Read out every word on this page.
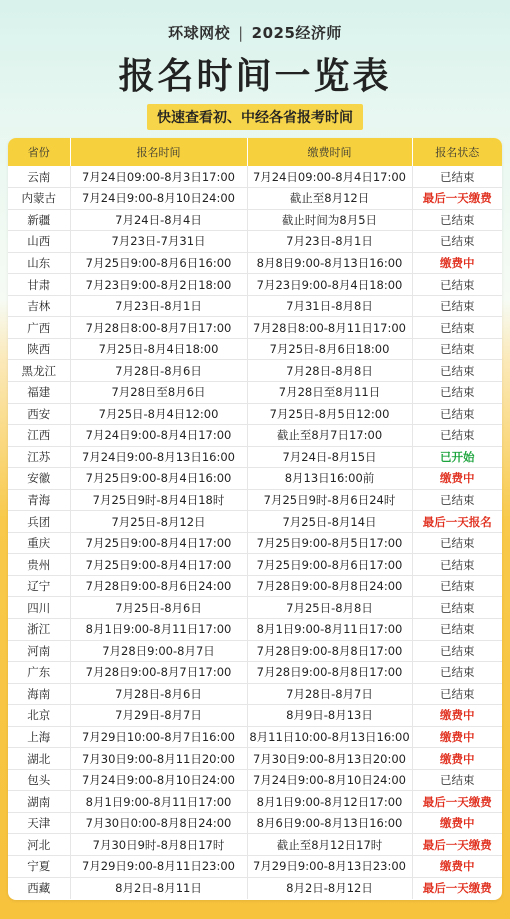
环球网校 | 2025经济师
报名时间一览表
快速查看初、中经各省报考时间
省份	报名时间	缴费时间	报名状态
云南	7月24日09:00-8月3日17:00	7月24日09:00-8月4日17:00	已结束
内蒙古	7月24日9:00-8月10日24:00	截止至8月12日	最后一天缴费
新疆	7月24日-8月4日	截止时间为8月5日	已结束
山西	7月23日-7月31日	7月23日-8月1日	已结束
山东	7月25日9:00-8月6日16:00	8月8日9:00-8月13日16:00	缴费中
甘肃	7月23日9:00-8月2日18:00	7月23日9:00-8月4日18:00	已结束
吉林	7月23日-8月1日	7月31日-8月8日	已结束
广西	7月28日8:00-8月7日17:00	7月28日8:00-8月11日17:00	已结束
陕西	7月25日-8月4日18:00	7月25日-8月6日18:00	已结束
黑龙江	7月28日-8月6日	7月28日-8月8日	已结束
福建	7月28日至8月6日	7月28日至8月11日	已结束
西安	7月25日-8月4日12:00	7月25日-8月5日12:00	已结束
江西	7月24日9:00-8月4日17:00	截止至8月7日17:00	已结束
江苏	7月24日9:00-8月13日16:00	7月24日-8月15日	已开始
安徽	7月25日9:00-8月4日16:00	8月13日16:00前	缴费中
青海	7月25日9时-8月4日18时	7月25日9时-8月6日24时	已结束
兵团	7月25日-8月12日	7月25日-8月14日	最后一天报名
重庆	7月25日9:00-8月4日17:00	7月25日9:00-8月5日17:00	已结束
贵州	7月25日9:00-8月4日17:00	7月25日9:00-8月6日17:00	已结束
辽宁	7月28日9:00-8月6日24:00	7月28日9:00-8月8日24:00	已结束
四川	7月25日-8月6日	7月25日-8月8日	已结束
浙江	8月1日9:00-8月11日17:00	8月1日9:00-8月11日17:00	已结束
河南	7月28日9:00-8月7日	7月28日9:00-8月8日17:00	已结束
广东	7月28日9:00-8月7日17:00	7月28日9:00-8月8日17:00	已结束
海南	7月28日-8月6日	7月28日-8月7日	已结束
北京	7月29日-8月7日	8月9日-8月13日	缴费中
上海	7月29日10:00-8月7日16:00	8月11日10:00-8月13日16:00	缴费中
湖北	7月30日9:00-8月11日20:00	7月30日9:00-8月13日20:00	缴费中
包头	7月24日9:00-8月10日24:00	7月24日9:00-8月10日24:00	已结束
湖南	8月1日9:00-8月11日17:00	8月1日9:00-8月12日17:00	最后一天缴费
天津	7月30日0:00-8月8日24:00	8月6日9:00-8月13日16:00	缴费中
河北	7月30日9时-8月8日17时	截止至8月12日17时	最后一天缴费
宁夏	7月29日9:00-8月11日23:00	7月29日9:00-8月13日23:00	缴费中
西藏	8月2日-8月11日	8月2日-8月12日	最后一天缴费
